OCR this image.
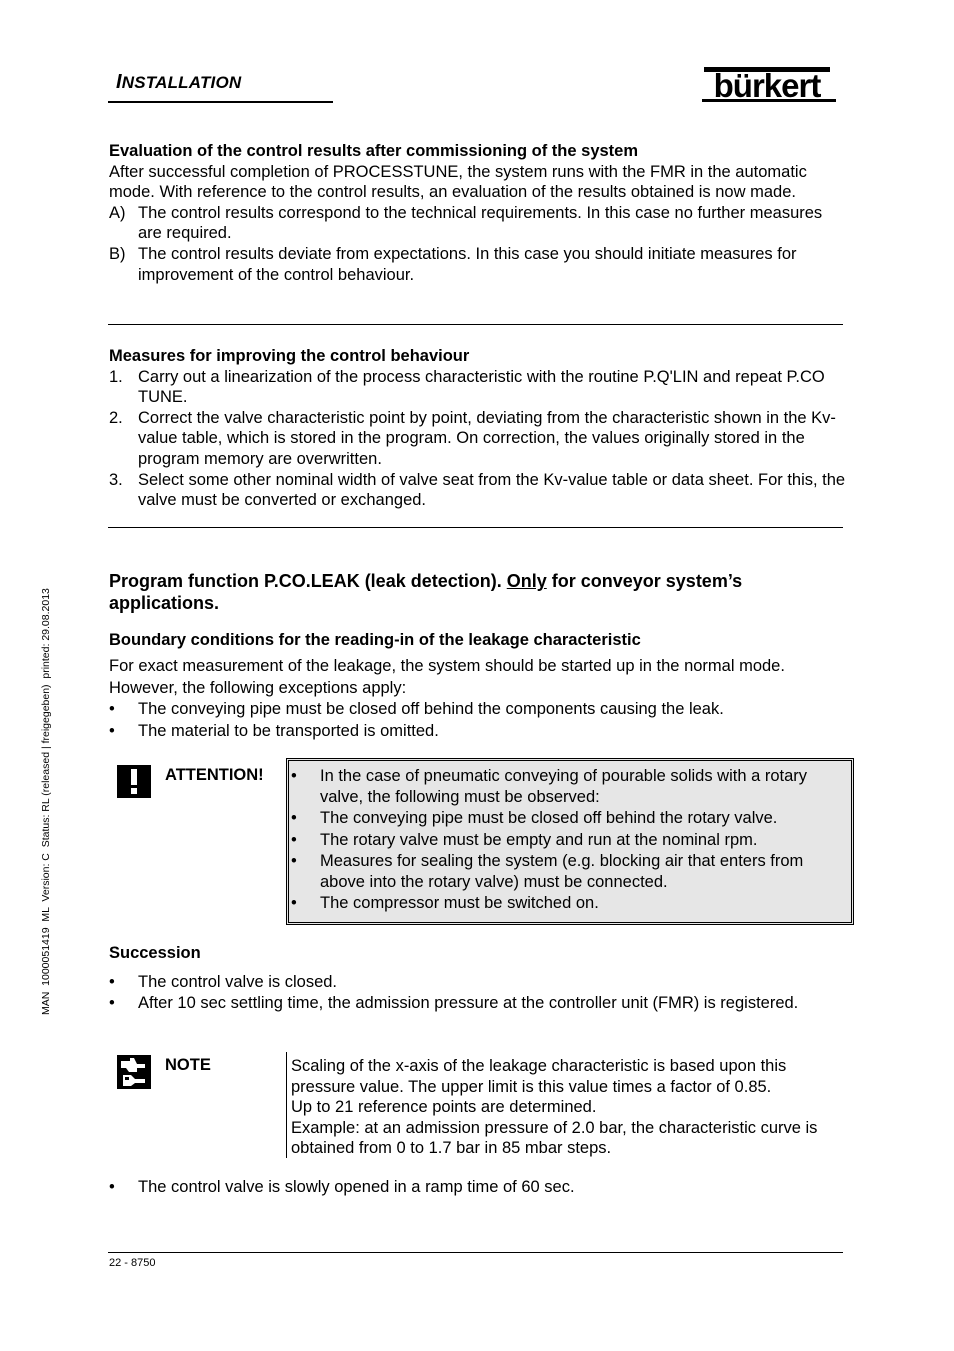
INSTALLATION	bürkert
MAN  1000051419  ML  Version: C  Status: RL (released | freigegeben)  printed: 29.08.2013
Evaluation of the control results after commissioning of the system
After successful completion of PROCESSTUNE, the system runs with the FMR in the automatic mode. With reference to the control results, an evaluation of the results obtained is now made.
A) The control results correspond to the technical requirements. In this case no further measures are required.
B) The control results deviate from expectations. In this case you should initiate measures for improvement of the control behaviour.
Measures for improving the control behaviour
1. Carry out a linearization of the process characteristic with the routine P.Q'LIN and repeat P.CO TUNE.
2. Correct the valve characteristic point by point, deviating from the characteristic shown in the Kv-value table, which is stored in the program. On correction, the values originally stored in the program memory are overwritten.
3. Select some other nominal width of valve seat from the Kv-value table or data sheet. For this, the valve must be converted or exchanged.
Program function P.CO.LEAK (leak detection). Only for conveyor system’s applications.
Boundary conditions for the reading-in of the leakage characteristic
For exact measurement of the leakage, the system should be started up in the normal mode. However, the following exceptions apply:
• The conveying pipe must be closed off behind the components causing the leak.
• The material to be transported is omitted.
ATTENTION! • In the case of pneumatic conveying of pourable solids with a rotary valve, the following must be observed:
• The conveying pipe must be closed off behind the rotary valve.
• The rotary valve must be empty and run at the nominal rpm.
• Measures for sealing the system (e.g. blocking air that enters from above into the rotary valve) must be connected.
• The compressor must be switched on.
Succession
• The control valve is closed.
• After 10 sec settling time, the admission pressure at the controller unit (FMR) is registered.
NOTE	Scaling of the x-axis of the leakage characteristic is based upon this pressure value. The upper limit is this value times a factor of 0.85.
Up to 21 reference points are determined.
Example: at an admission pressure of 2.0 bar, the characteristic curve is obtained from 0 to 1.7 bar in 85 mbar steps.
• The control valve is slowly opened in a ramp time of 60 sec.
22 - 8750
